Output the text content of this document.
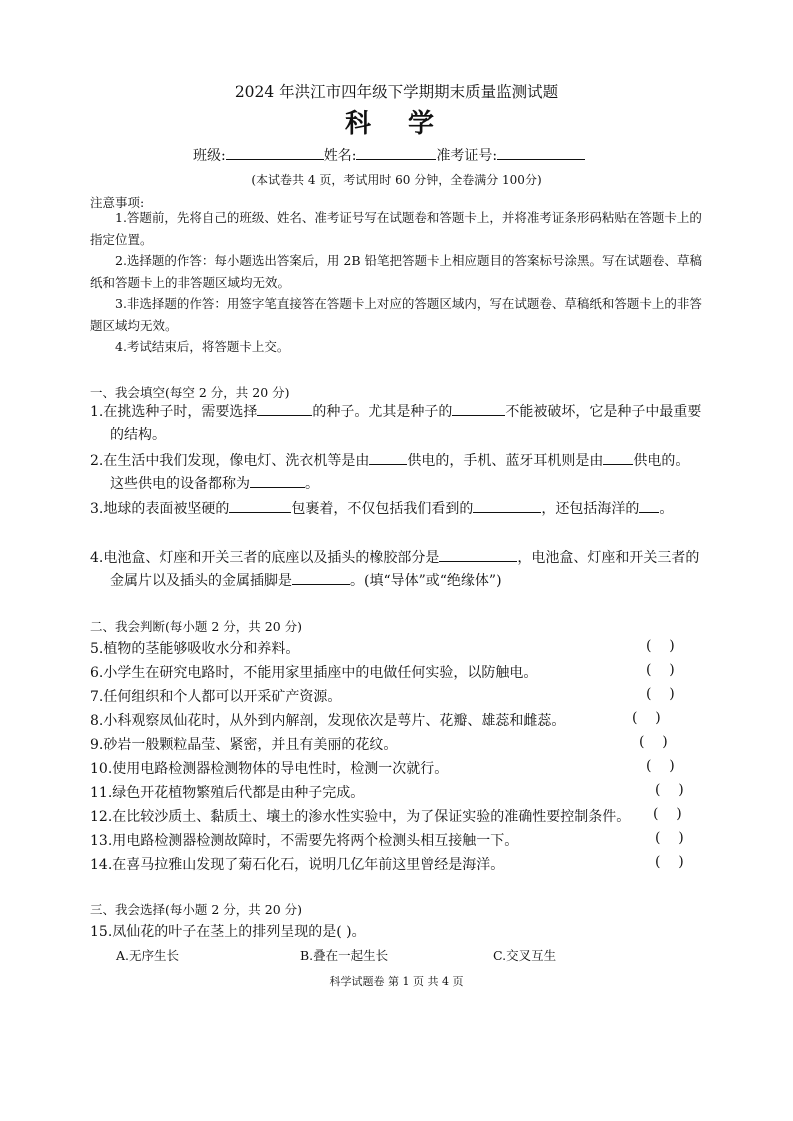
2024 年洪江市四年级下学期期末质量监测试题
科 学
班级:	姓名:	准考证号:
(本试卷共 4 页，考试用时 60 分钟，全卷满分 100分)
注意事项:
1.答题前，先将自己的班级、姓名、准考证号写在试题卷和答题卡上，并将准考证条形码粘贴在答题卡上的指定位置。
2.选择题的作答：每小题选出答案后，用 2B 铅笔把答题卡上相应题目的答案标号涂黑。写在试题卷、草稿纸和答题卡上的非答题区域均无效。
3.非选择题的作答：用签字笔直接答在答题卡上对应的答题区域内，写在试题卷、草稿纸和答题卡上的非答题区域均无效。
4.考试结束后，将答题卡上交。
一、我会填空(每空 2 分，共 20 分)
1.在挑选种子时，需要选择	的种子。尤其是种子的	不能被破坏，它是种子中最重要的结构。
2.在生活中我们发现，像电灯、洗衣机等是由	供电的，手机、蓝牙耳机则是由 供电的。这些供电的设备都称为	。
3.地球的表面被坚硬的	包裹着，不仅包括我们看到的	，还包括海洋的 。
4.电池盒、灯座和开关三者的底座以及插头的橡胶部分是	，电池盒、灯座和开关三者的金属片以及插头的金属插脚是	。(填“导体”或“绝缘体”)
二、我会判断(每小题 2 分，共 20 分)
5.植物的茎能够吸收水分和养料。	(    )
6.小学生在研究电路时，不能用家里插座中的电做任何实验，以防触电。	(    )
7.任何组织和个人都可以开采矿产资源。	(    )
8.小科观察凤仙花时，从外到内解剖，发现依次是萼片、花瓣、雄蕊和雌蕊。	(    )
9.砂岩一般颗粒晶莹、紧密，并且有美丽的花纹。	(    )
10.使用电路检测器检测物体的导电性时，检测一次就行。	(    )
11.绿色开花植物繁殖后代都是由种子完成。	(    )
12.在比较沙质土、黏质土、壤土的渗水性实验中，为了保证实验的准确性要控制条件。 (    )
13.用电路检测器检测故障时，不需要先将两个检测头相互接触一下。	(    )
14.在喜马拉雅山发现了菊石化石，说明几亿年前这里曾经是海洋。	(    )
三、我会选择(每小题 2 分，共 20 分)
15.凤仙花的叶子在茎上的排列呈现的是( )。
A.无序生长	B.叠在一起生长	C.交叉互生
科学试题卷 第 1 页 共 4 页
